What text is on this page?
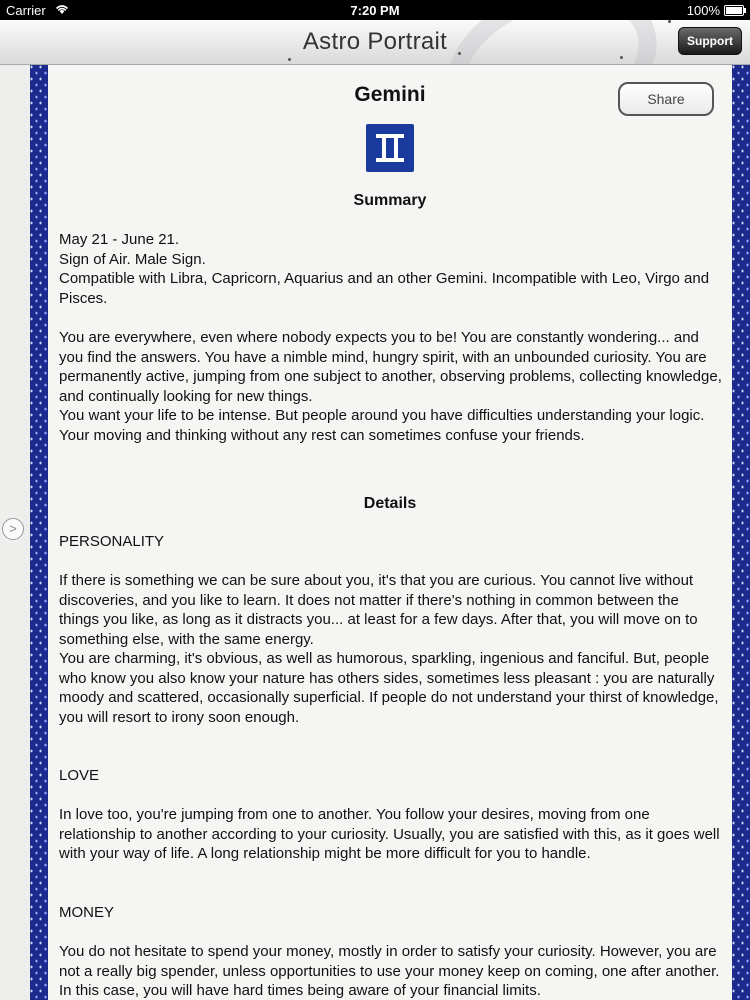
Carrier	7:20 PM	100%
Astro Portrait	Support
>
Gemini	Share
Summary

May 21 - June 21.

Sign of Air. Male Sign.

Compatible with Libra, Capricorn, Aquarius and an other Gemini. Incompatible with Leo, Virgo and Pisces.

You are everywhere, even where nobody expects you to be! You are constantly wondering... and you find the answers. You have a nimble mind, hungry spirit, with an unbounded curiosity. You are permanently active, jumping from one subject to another, observing problems, collecting knowledge, and continually looking for new things.

You want your life to be intense. But people around you have difficulties understanding your logic. Your moving and thinking without any rest can sometimes confuse your friends.

Details
PERSONALITY

If there is something we can be sure about you, it's that you are curious. You cannot live without discoveries, and you like to learn. It does not matter if there's nothing in common between the things you like, as long as it distracts you... at least for a few days. After that, you will move on to something else, with the same energy.

You are charming, it's obvious, as well as humorous, sparkling, ingenious and fanciful. But, people who know you also know your nature has others sides, sometimes less pleasant : you are naturally moody and scattered, occasionally superficial. If people do not understand your thirst of knowledge, you will resort to irony soon enough.

LOVE

In love too, you're jumping from one to another. You follow your desires, moving from one relationship to another according to your curiosity. Usually, you are satisfied with this, as it goes well with your way of life. A long relationship might be more difficult for you to handle.

MONEY

You do not hesitate to spend your money, mostly in order to satisfy your curiosity. However, you are not a really big spender, unless opportunities to use your money keep on coming, one after another. In this case, you will have hard times being aware of your financial limits.
